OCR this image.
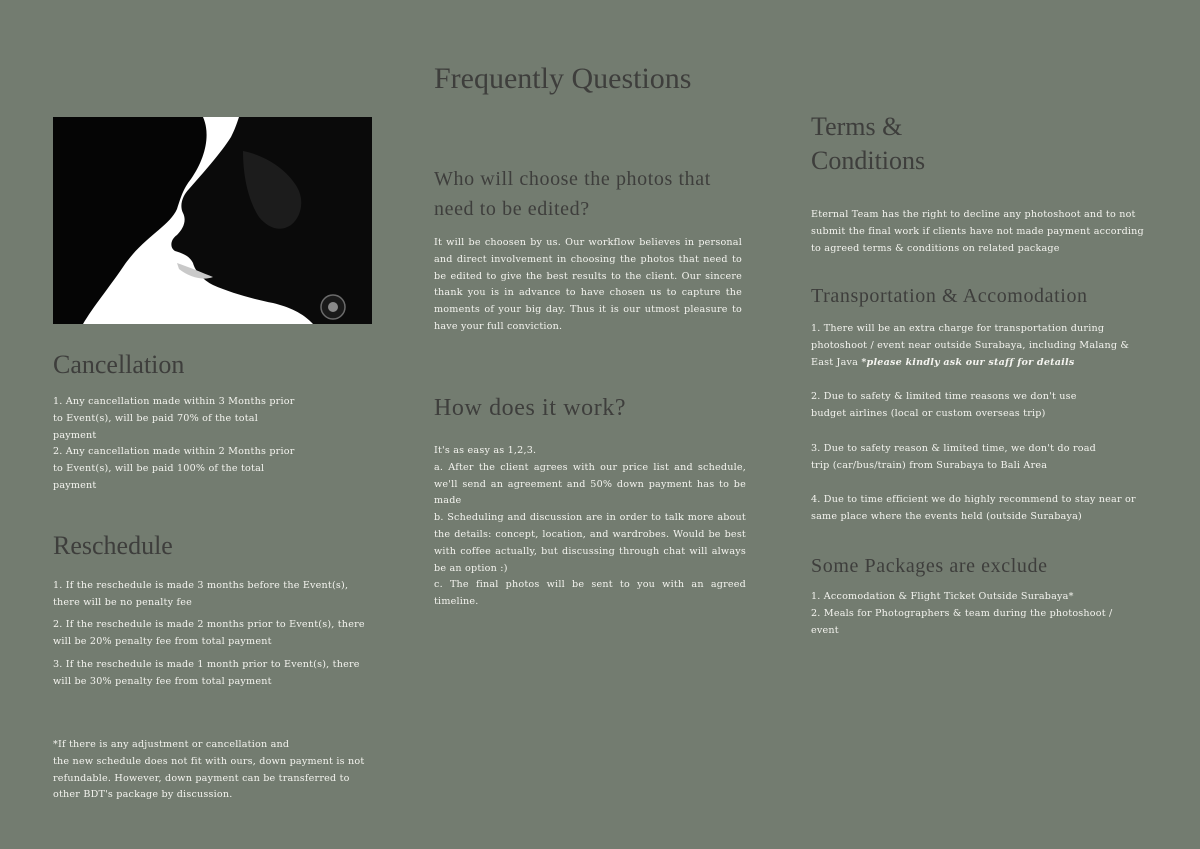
Cancellation

1. Any cancellation made within 3 Months prior to Event(s), will be paid 70% of the total payment

2. Any cancellation made within 2 Months prior to Event(s), will be paid 100% of the total payment

Reschedule

1. If the reschedule is made 3 months before the Event(s), there will be no penalty fee

2. If the reschedule is made 2 months prior to Event(s), there will be 20% penalty fee from total payment

3. If the reschedule is made 1 month prior to Event(s), there will be 30% penalty fee from total payment

*If there is any adjustment or cancellation and

the new schedule does not fit with ours, down payment is not refundable. However, down payment can be transferred to other BDT's package by discussion.

Frequently Questions
Who will choose the photos that need to be edited?

It will be choosen by us. Our workflow believes in personal and direct involvement in choosing the photos that need to be edited to give the best results to the client. Our sincere thank you is in advance to have chosen us to capture the moments of your big day. Thus it is our utmost pleasure to have your full conviction.

How does it work?

It's as easy as 1,2,3.

a. After the client agrees with our price list and schedule, we'll send an agreement and 50% down payment has to be made

b. Scheduling and discussion are in order to talk more about the details: concept, location, and wardrobes. Would be best with coffee actually, but discussing through chat will always be an option :)

c. The final photos will be sent to you with an agreed timeline.

Terms &
Conditions

Eternal Team has the right to decline any photoshoot and to not submit the final work if clients have not made payment according to agreed terms & conditions on related package

Transportation & Accomodation

1. There will be an extra charge for transportation during photoshoot / event near outside Surabaya, including Malang & East Java *please kindly ask our staff for details

2. Due to safety & limited time reasons we don't use

budget airlines (local or custom overseas trip)

3. Due to safety reason & limited time, we don't do road

trip (car/bus/train) from Surabaya to Bali Area

4. Due to time efficient we do highly recommend to stay near or same place where the events held (outside Surabaya)

Some Packages are exclude

1. Accomodation & Flight Ticket Outside Surabaya*

2. Meals for Photographers & team during the photoshoot / event
